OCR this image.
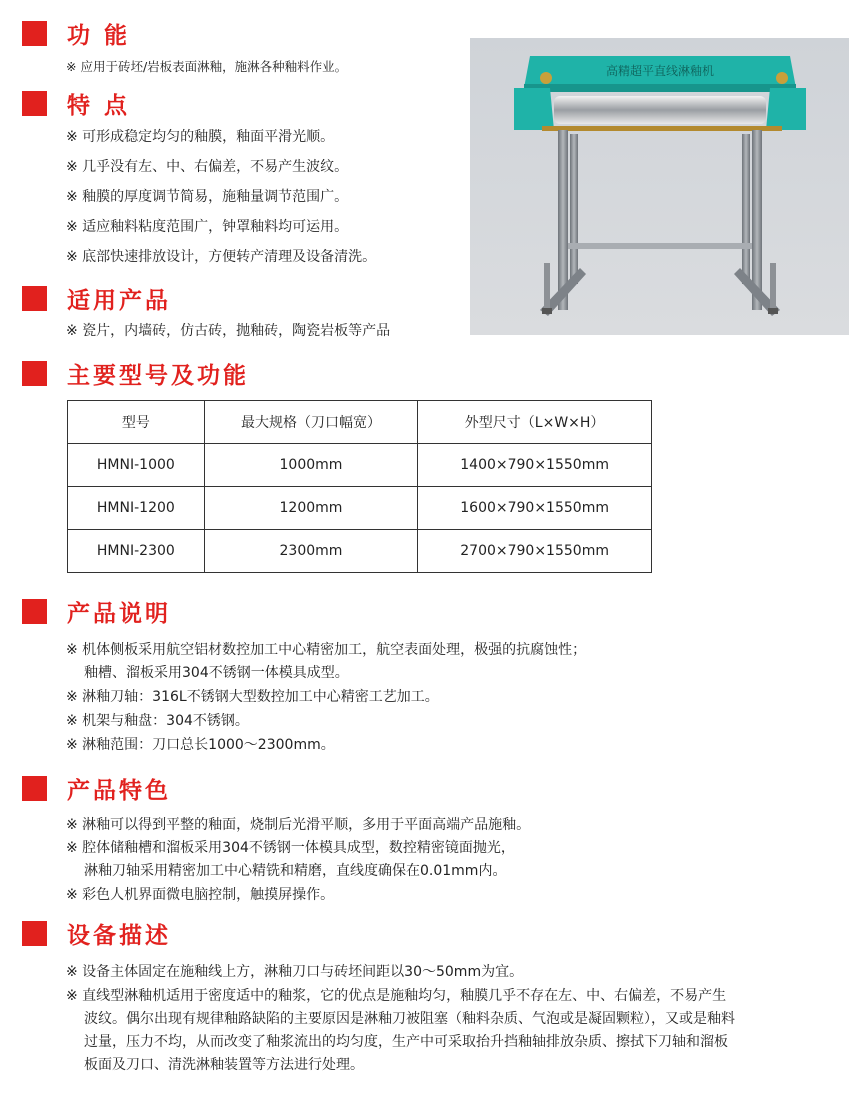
功 能
※ 应用于砖坯/岩板表面淋釉，施淋各种釉料作业。
特 点
※ 可形成稳定均匀的釉膜，釉面平滑光顺。
※ 几乎没有左、中、右偏差，不易产生波纹。
※ 釉膜的厚度调节简易，施釉量调节范围广。
※ 适应釉料粘度范围广，钟罩釉料均可运用。
※ 底部快速排放设计，方便转产清理及设备清洗。
适用产品
※ 瓷片，内墙砖，仿古砖，抛釉砖，陶瓷岩板等产品
高精超平直线淋釉机
主要型号及功能
型号	最大规格（刀口幅宽）	外型尺寸（L×W×H）
HMNI-1000	1000mm	1400×790×1550mm
HMNI-1200	1200mm	1600×790×1550mm
HMNI-2300	2300mm	2700×790×1550mm
产品说明
※ 机体侧板采用航空铝材数控加工中心精密加工，航空表面处理，极强的抗腐蚀性；
釉槽、溜板采用304不锈钢一体模具成型。
※ 淋釉刀轴：316L不锈钢大型数控加工中心精密工艺加工。
※ 机架与釉盘：304不锈钢。
※ 淋釉范围：刀口总长1000～2300mm。
产品特色
※ 淋釉可以得到平整的釉面，烧制后光滑平顺，多用于平面高端产品施釉。
※ 腔体储釉槽和溜板采用304不锈钢一体模具成型，数控精密镜面抛光，
淋釉刀轴采用精密加工中心精铣和精磨，直线度确保在0.01mm内。
※ 彩色人机界面微电脑控制，触摸屏操作。
设备描述
※ 设备主体固定在施釉线上方，淋釉刀口与砖坯间距以30～50mm为宜。
※ 直线型淋釉机适用于密度适中的釉浆，它的优点是施釉均匀，釉膜几乎不存在左、中、右偏差，不易产生
波纹。偶尔出现有规律釉路缺陷的主要原因是淋釉刀被阻塞（釉料杂质、气泡或是凝固颗粒），又或是釉料
过量，压力不均，从而改变了釉浆流出的均匀度，生产中可采取抬升挡釉轴排放杂质、擦拭下刀轴和溜板
板面及刀口、清洗淋釉装置等方法进行处理。
